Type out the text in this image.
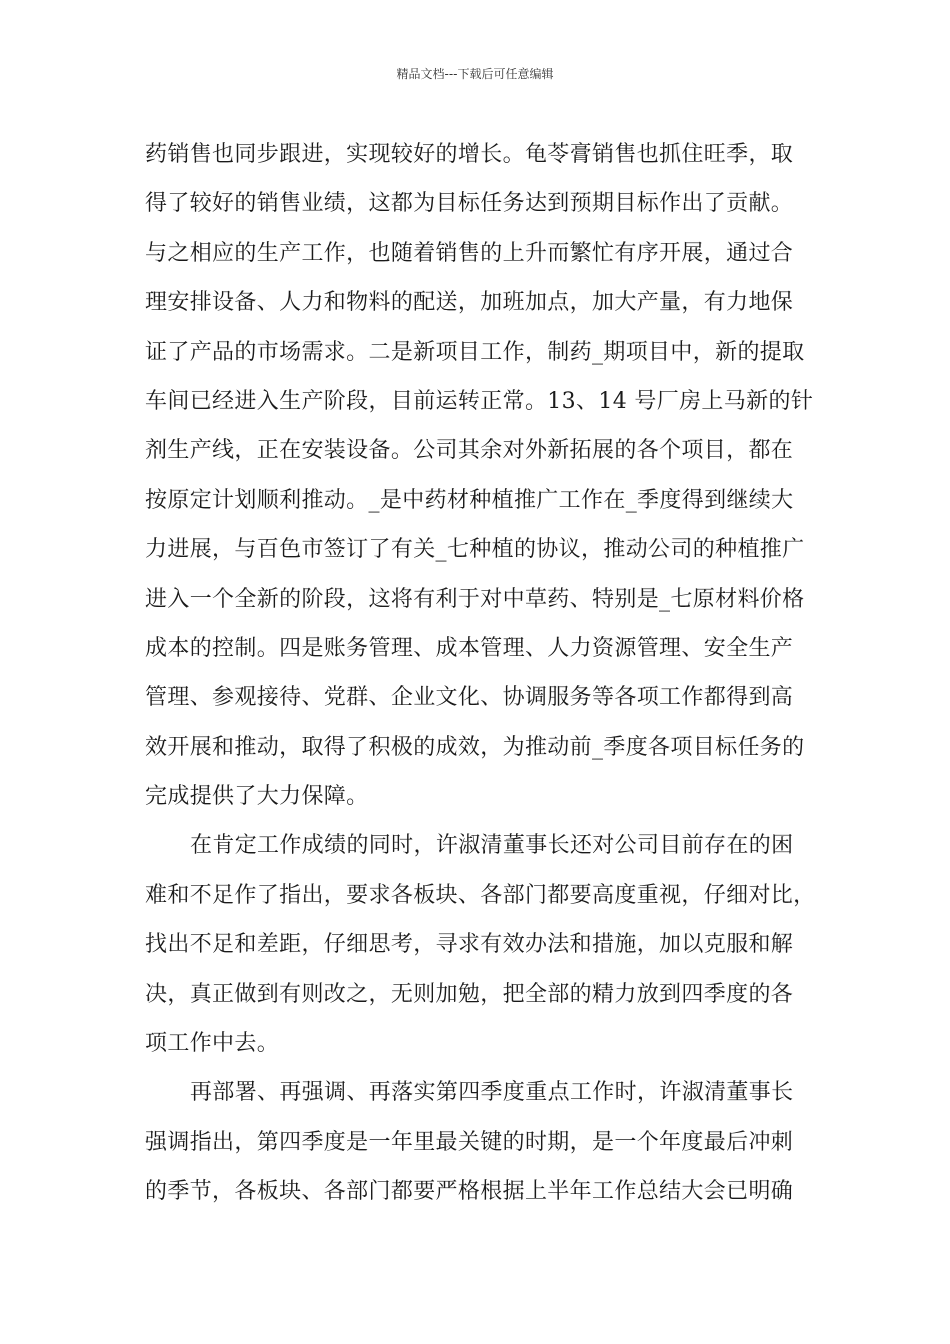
精品文档---下载后可任意编辑
药销售也同步跟进，实现较好的增长。龟苓膏销售也抓住旺季，取
得了较好的销售业绩，这都为目标任务达到预期目标作出了贡献。
与之相应的生产工作，也随着销售的上升而繁忙有序开展，通过合
理安排设备、人力和物料的配送，加班加点，加大产量，有力地保
证了产品的市场需求。二是新项目工作，制药_期项目中，新的提取
车间已经进入生产阶段，目前运转正常。13、14 号厂房上马新的针
剂生产线，正在安装设备。公司其余对外新拓展的各个项目，都在
按原定计划顺利推动。_是中药材种植推广工作在_季度得到继续大
力进展，与百色市签订了有关_七种植的协议，推动公司的种植推广
进入一个全新的阶段，这将有利于对中草药、特别是_七原材料价格
成本的控制。四是账务管理、成本管理、人力资源管理、安全生产
管理、参观接待、党群、企业文化、协调服务等各项工作都得到高
效开展和推动，取得了积极的成效，为推动前_季度各项目标任务的
完成提供了大力保障。
在肯定工作成绩的同时，许淑清董事长还对公司目前存在的困
难和不足作了指出，要求各板块、各部门都要高度重视，仔细对比，
找出不足和差距，仔细思考，寻求有效办法和措施，加以克服和解
决，真正做到有则改之，无则加勉，把全部的精力放到四季度的各
项工作中去。
再部署、再强调、再落实第四季度重点工作时，许淑清董事长
强调指出，第四季度是一年里最关键的时期，是一个年度最后冲刺
的季节，各板块、各部门都要严格根据上半年工作总结大会已明确
